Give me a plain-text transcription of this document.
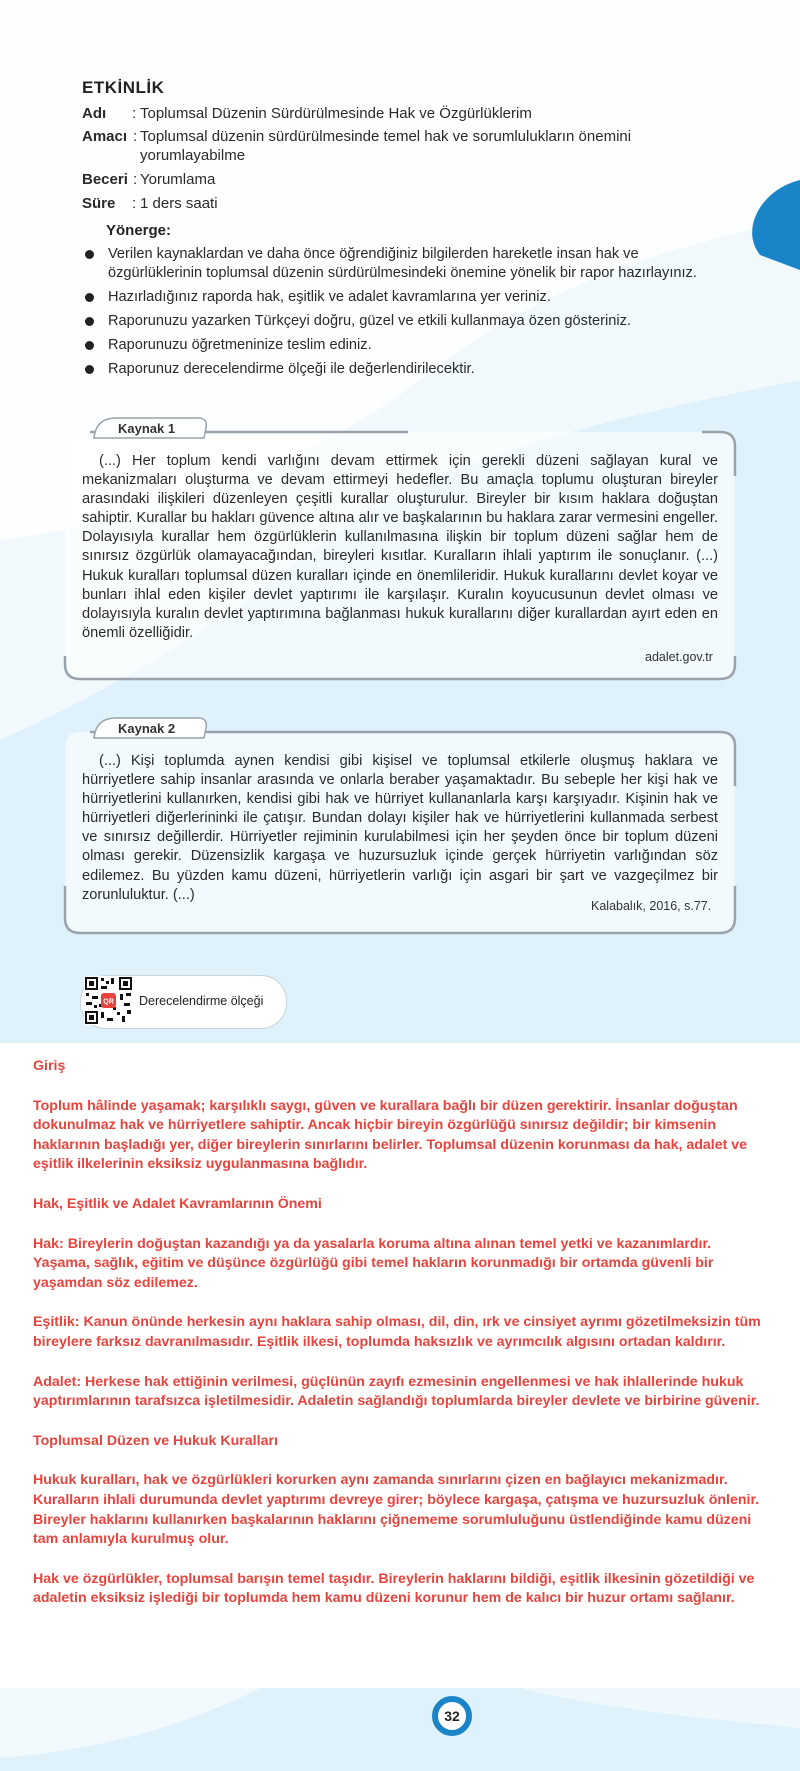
ETKİNLİK
Adı : Toplumsal Düzenin Sürdürülmesinde Hak ve Özgürlüklerim
Amacı : Toplumsal düzenin sürdürülmesinde temel hak ve sorumlulukların önemini yorumlayabilme
Beceri : Yorumlama
Süre : 1 ders saati
Yönerge:
Verilen kaynaklardan ve daha önce öğrendiğiniz bilgilerden hareketle insan hak ve özgürlüklerinin toplumsal düzenin sürdürülmesindeki önemine yönelik bir rapor hazırlayınız.
Hazırladığınız raporda hak, eşitlik ve adalet kavramlarına yer veriniz.
Raporunuzu yazarken Türkçeyi doğru, güzel ve etkili kullanmaya özen gösteriniz.
Raporunuzu öğretmeninize teslim ediniz.
Raporunuz derecelendirme ölçeği ile değerlendirilecektir.
Kaynak 1
(...) Her toplum kendi varlığını devam ettirmek için gerekli düzeni sağlayan kural ve mekanizmaları oluşturma ve devam ettirmeyi hedefler. Bu amaçla toplumu oluşturan bireyler arasındaki ilişkileri düzenleyen çeşitli kurallar oluşturulur. Bireyler bir kısım haklara doğuştan sahiptir. Kurallar bu hakları güvence altına alır ve başkalarının bu haklara zarar vermesini engeller. Dolayısıyla kurallar hem özgürlüklerin kullanılmasına ilişkin bir toplum düzeni sağlar hem de sınırsız özgürlük olamayacağından, bireyleri kısıtlar. Kuralların ihlali yaptırım ile sonuçlanır. (...) Hukuk kuralları toplumsal düzen kuralları içinde en önemlileridir. Hukuk kurallarını devlet koyar ve bunları ihlal eden kişiler devlet yaptırımı ile karşılaşır. Kuralın koyucusunun devlet olması ve dolayısıyla kuralın devlet yaptırımına bağlanması hukuk kurallarını diğer kurallardan ayırt eden en önemli özelliğidir.
adalet.gov.tr
Kaynak 2
(...) Kişi toplumda aynen kendisi gibi kişisel ve toplumsal etkilerle oluşmuş haklara ve hürriyetlere sahip insanlar arasında ve onlarla beraber yaşamaktadır. Bu sebeple her kişi hak ve hürriyetlerini kullanırken, kendisi gibi hak ve hürriyet kullananlarla karşı karşıyadır. Kişinin hak ve hürriyetleri diğerlerininki ile çatışır. Bundan dolayı kişiler hak ve hürriyetlerini kullanmada serbest ve sınırsız değillerdir. Hürriyetler rejiminin kurulabilmesi için her şeyden önce bir toplum düzeni olması gerekir. Düzensizlik kargaşa ve huzursuzluk içinde gerçek hürriyetin varlığından söz edilemez. Bu yüzden kamu düzeni, hürriyetlerin varlığı için asgari bir şart ve vazgeçilmez bir zorunluluktur. (...)
Kalabalık, 2016, s.77.
QR Derecelendirme ölçeği

Giriş

Toplum hâlinde yaşamak; karşılıklı saygı, güven ve kurallara bağlı bir düzen gerektirir. İnsanlar doğuştan dokunulmaz hak ve hürriyetlere sahiptir. Ancak hiçbir bireyin özgürlüğü sınırsız değildir; bir kimsenin haklarının başladığı yer, diğer bireylerin sınırlarını belirler. Toplumsal düzenin korunması da hak, adalet ve eşitlik ilkelerinin eksiksiz uygulanmasına bağlıdır.

Hak, Eşitlik ve Adalet Kavramlarının Önemi

Hak: Bireylerin doğuştan kazandığı ya da yasalarla koruma altına alınan temel yetki ve kazanımlardır. Yaşama, sağlık, eğitim ve düşünce özgürlüğü gibi temel hakların korunmadığı bir ortamda güvenli bir yaşamdan söz edilemez.

Eşitlik: Kanun önünde herkesin aynı haklara sahip olması, dil, din, ırk ve cinsiyet ayrımı gözetilmeksizin tüm bireylere farksız davranılmasıdır. Eşitlik ilkesi, toplumda haksızlık ve ayrımcılık algısını ortadan kaldırır.

Adalet: Herkese hak ettiğinin verilmesi, güçlünün zayıfı ezmesinin engellenmesi ve hak ihlallerinde hukuk yaptırımlarının tarafsızca işletilmesidir. Adaletin sağlandığı toplumlarda bireyler devlete ve birbirine güvenir.

Toplumsal Düzen ve Hukuk Kuralları

Hukuk kuralları, hak ve özgürlükleri korurken aynı zamanda sınırlarını çizen en bağlayıcı mekanizmadır. Kuralların ihlali durumunda devlet yaptırımı devreye girer; böylece kargaşa, çatışma ve huzursuzluk önlenir. Bireyler haklarını kullanırken başkalarının haklarını çiğnememe sorumluluğunu üstlendiğinde kamu düzeni tam anlamıyla kurulmuş olur.

Hak ve özgürlükler, toplumsal barışın temel taşıdır. Bireylerin haklarını bildiği, eşitlik ilkesinin gözetildiği ve adaletin eksiksiz işlediği bir toplumda hem kamu düzeni korunur hem de kalıcı bir huzur ortamı sağlanır.

32
